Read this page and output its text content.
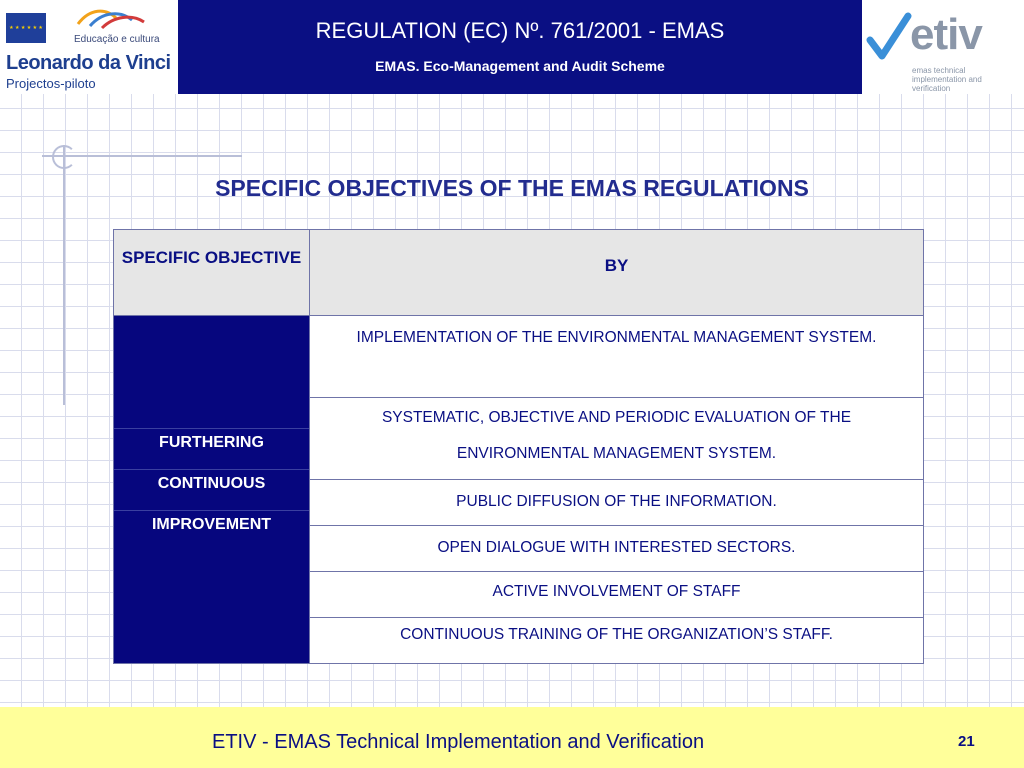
★ ★ ★ ★ ★ ★
Educação e cultura
Leonardo da Vinci
Projectos-piloto
REGULATION (EC) Nº. 761/2001 - EMAS
EMAS. Eco-Management and Audit Scheme
etiv
emas technical implementation and verification
SPECIFIC OBJECTIVES OF THE EMAS REGULATIONS
SPECIFIC OBJECTIVE	BY
FURTHERING
CONTINUOUS
IMPROVEMENT
IMPLEMENTATION OF THE ENVIRONMENTAL MANAGEMENT SYSTEM.
SYSTEMATIC, OBJECTIVE AND PERIODIC EVALUATION OF THE ENVIRONMENTAL MANAGEMENT SYSTEM.
PUBLIC DIFFUSION OF THE INFORMATION.
OPEN DIALOGUE WITH INTERESTED SECTORS.
ACTIVE INVOLVEMENT OF STAFF
CONTINUOUS TRAINING OF THE ORGANIZATION’S STAFF.
ETIV - EMAS Technical Implementation and Verification	21
